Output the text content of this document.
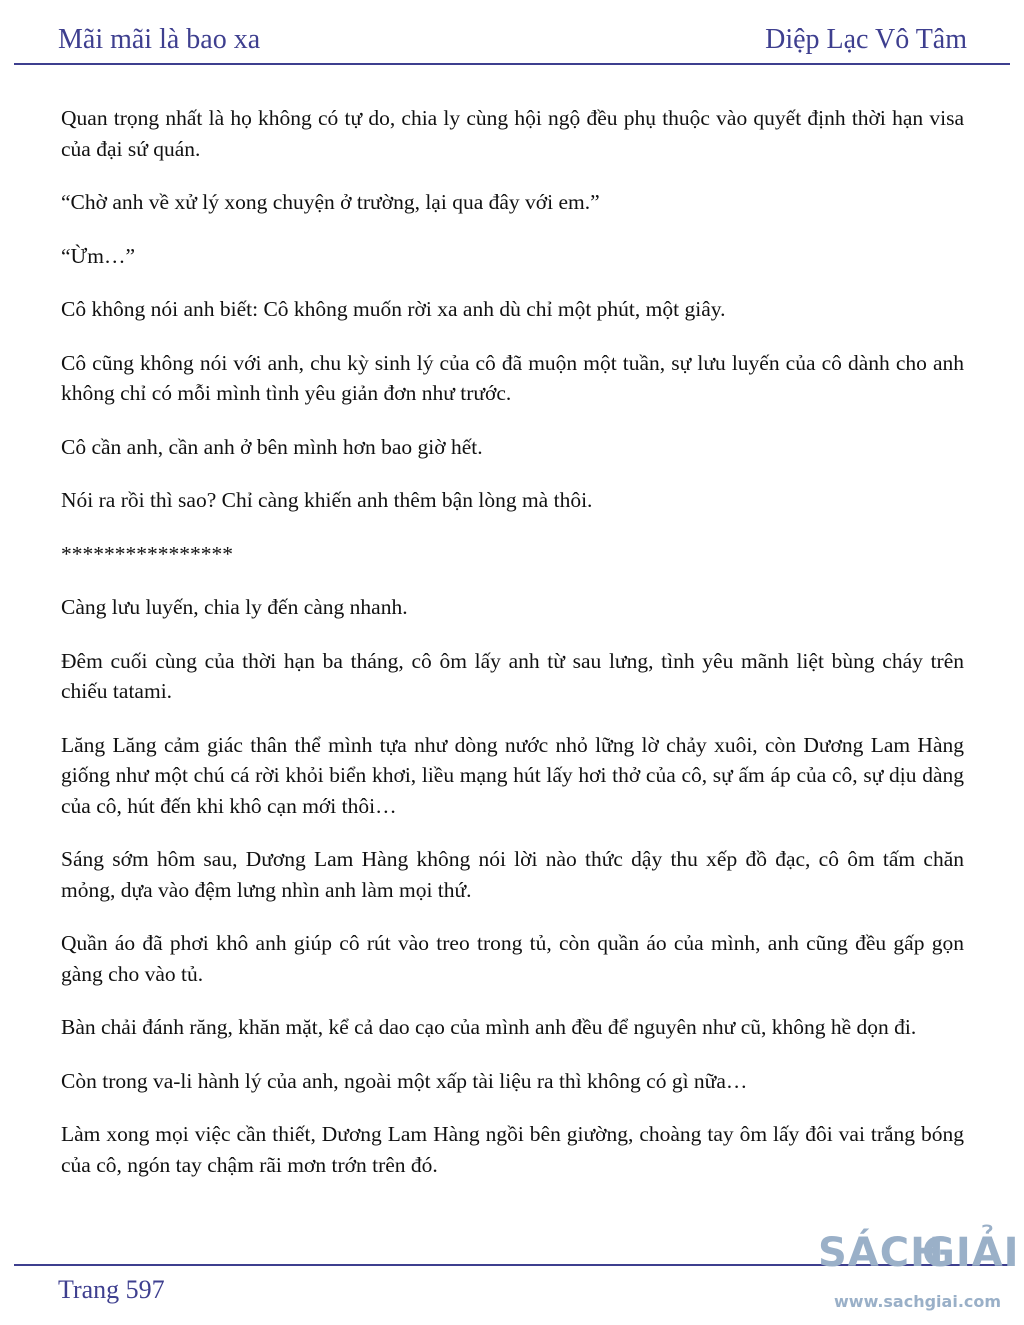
Mãi mãi là bao xa	Diệp Lạc Vô Tâm

Quan trọng nhất là họ không có tự do, chia ly cùng hội ngộ đều phụ thuộc vào quyết định thời hạn visa của đại sứ quán.

“Chờ anh về xử lý xong chuyện ở trường, lại qua đây với em.”

“Ừm…”

Cô không nói anh biết: Cô không muốn rời xa anh dù chỉ một phút, một giây.

Cô cũng không nói với anh, chu kỳ sinh lý của cô đã muộn một tuần, sự lưu luyến của cô dành cho anh không chỉ có mỗi mình tình yêu giản đơn như trước.

Cô cần anh, cần anh ở bên mình hơn bao giờ hết.

Nói ra rồi thì sao? Chỉ càng khiến anh thêm bận lòng mà thôi.

****************

Càng lưu luyến, chia ly đến càng nhanh.

Đêm cuối cùng của thời hạn ba tháng, cô ôm lấy anh từ sau lưng, tình yêu mãnh liệt bùng cháy trên chiếu tatami.

Lăng Lăng cảm giác thân thể mình tựa như dòng nước nhỏ lững lờ chảy xuôi, còn Dương Lam Hàng giống như một chú cá rời khỏi biển khơi, liều mạng hút lấy hơi thở của cô, sự ấm áp của cô, sự dịu dàng của cô, hút đến khi khô cạn mới thôi…

Sáng sớm hôm sau, Dương Lam Hàng không nói lời nào thức dậy thu xếp đồ đạc, cô ôm tấm chăn mỏng, dựa vào đệm lưng nhìn anh làm mọi thứ.

Quần áo đã phơi khô anh giúp cô rút vào treo trong tủ, còn quần áo của mình, anh cũng đều gấp gọn gàng cho vào tủ.

Bàn chải đánh răng, khăn mặt, kể cả dao cạo của mình anh đều để nguyên như cũ, không hề dọn đi.

Còn trong va-li hành lý của anh, ngoài một xấp tài liệu ra thì không có gì nữa…

Làm xong mọi việc cần thiết, Dương Lam Hàng ngồi bên giường, choàng tay ôm lấy đôi vai trắng bóng của cô, ngón tay chậm rãi mơn trớn trên đó.

Trang 597
SÁCH
GIẢI
www.sachgiai.com
